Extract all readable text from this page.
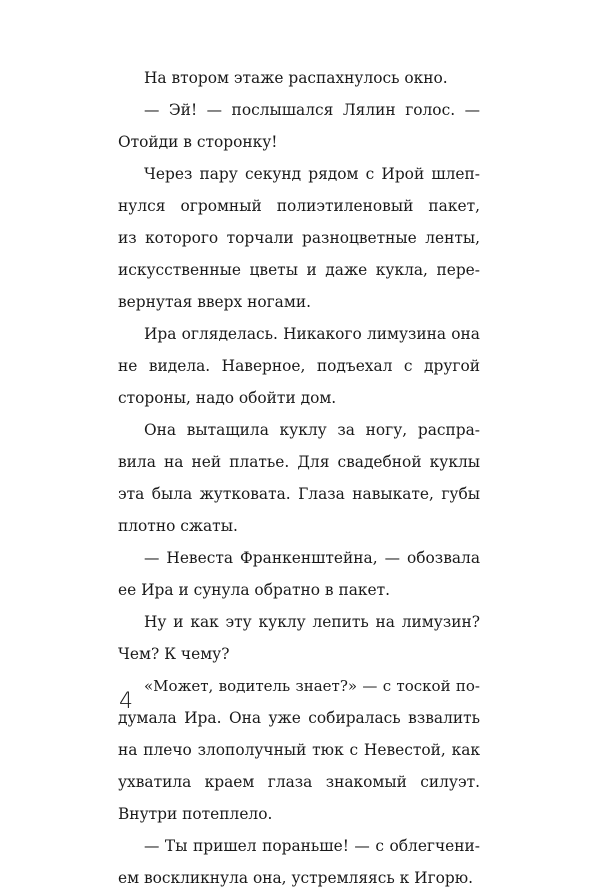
На втором этаже распахнулось окно.
— Эй! — послышался Лялин голос. —
Отойди в сторонку!
Через пару секунд рядом с Ирой шлеп-
нулся огромный полиэтиленовый пакет,
из которого торчали разноцветные ленты,
искусственные цветы и даже кукла, пере-
вернутая вверх ногами.
Ира огляделась. Никакого лимузина она
не видела. Наверное, подъехал с другой
стороны, надо обойти дом.
Она вытащила куклу за ногу, распра-
вила на ней платье. Для свадебной куклы
эта была жутковата. Глаза навыкате, губы
плотно сжаты.
— Невеста Франкенштейна, — обозвала
ее Ира и сунула обратно в пакет.
Ну и как эту куклу лепить на лимузин?
Чем? К чему?
«Может, водитель знает?» — с тоской по-
думала Ира. Она уже собиралась взвалить
на плечо злополучный тюк с Невестой, как
ухватила краем глаза знакомый силуэт.
Внутри потеплело.
— Ты пришел пораньше! — с облегчени-
ем воскликнула она, устремляясь к Игорю.
4
